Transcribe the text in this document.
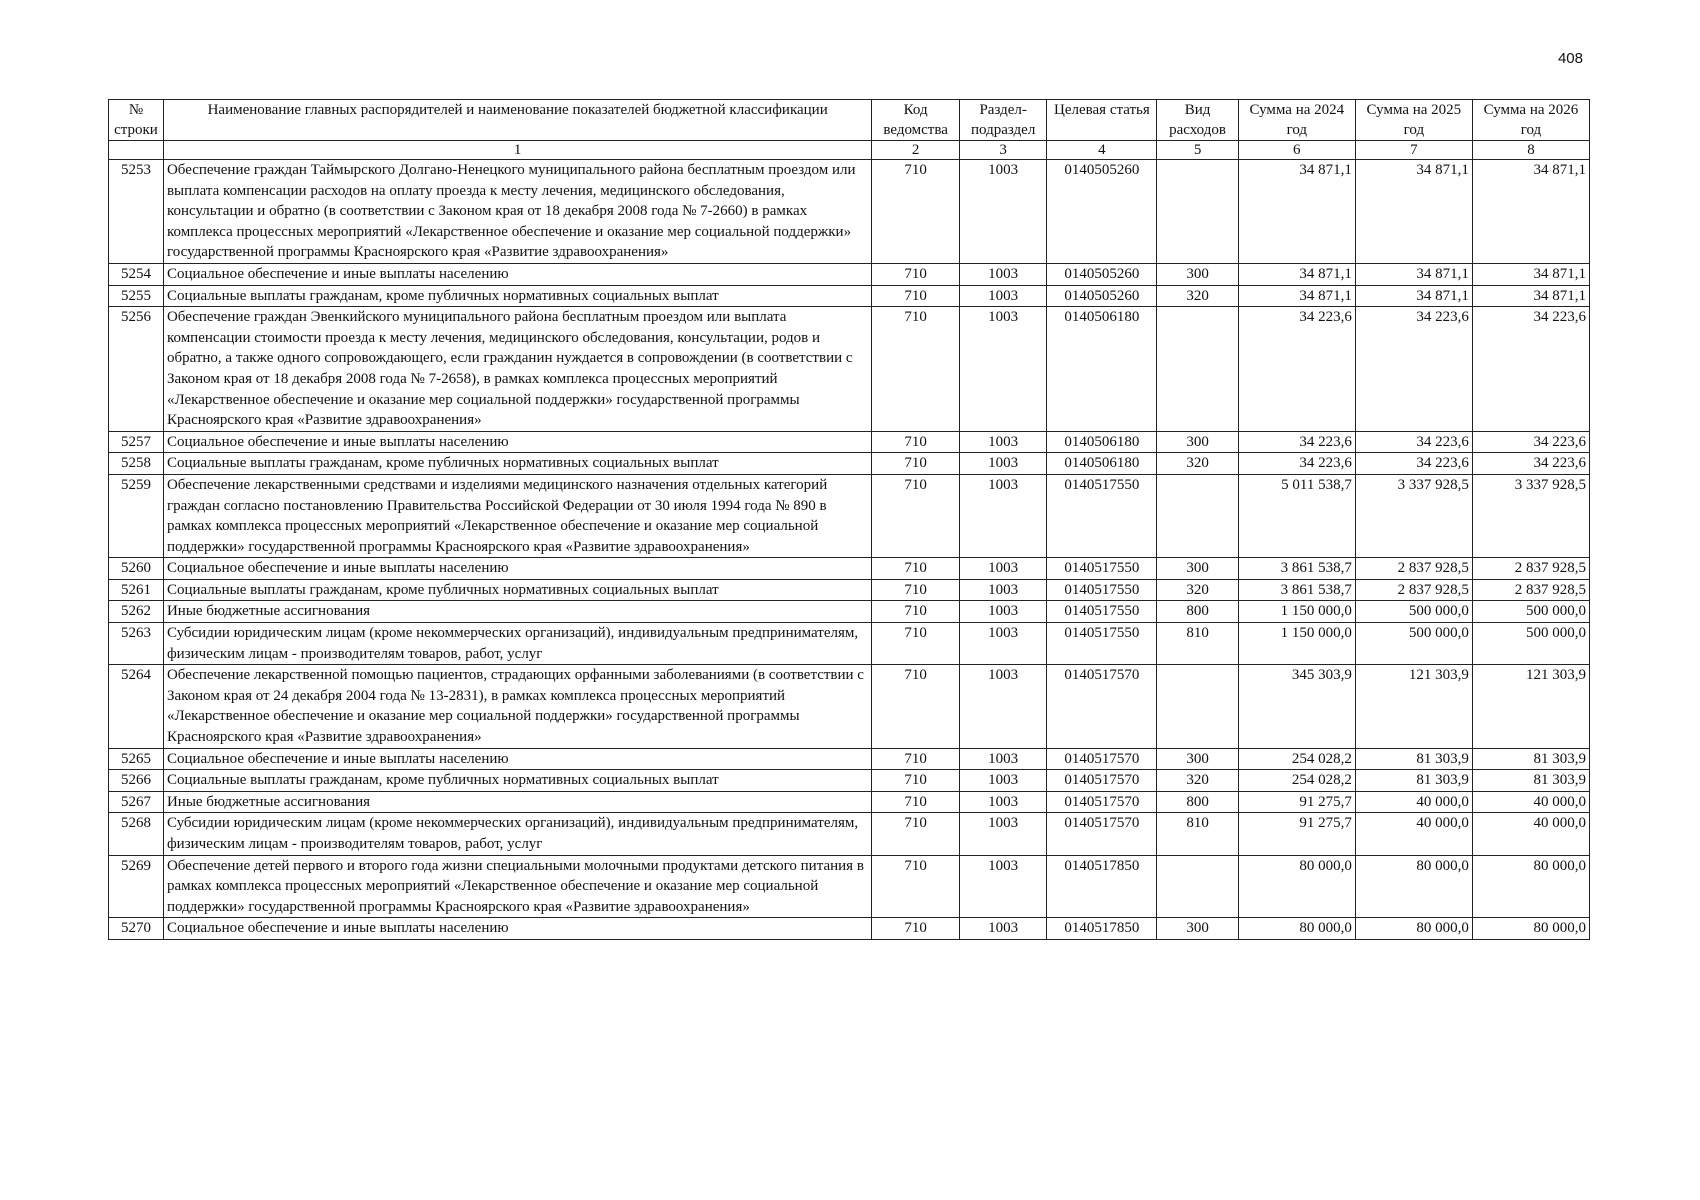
408
№ строки	Наименование главных распорядителей и наименование показателей бюджетной классификации	Код ведомства	Раздел-подраздел	Целевая статья	Вид расходов	Сумма на 2024 год	Сумма на 2025 год	Сумма на 2026 год
	1	2	3	4	5	6	7	8
5253	Обеспечение граждан Таймырского Долгано-Ненецкого муниципального района бесплатным проездом или выплата компенсации расходов на оплату проезда к месту лечения, медицинского обследования, консультации и обратно (в соответствии с Законом края от 18 декабря 2008 года № 7-2660) в рамках комплекса процессных мероприятий «Лекарственное обеспечение и оказание мер социальной поддержки» государственной программы Красноярского края «Развитие здравоохранения»	710	1003	0140505260		34 871,1	34 871,1	34 871,1
5254	Социальное обеспечение и иные выплаты населению	710	1003	0140505260	300	34 871,1	34 871,1	34 871,1
5255	Социальные выплаты гражданам, кроме публичных нормативных социальных выплат	710	1003	0140505260	320	34 871,1	34 871,1	34 871,1
5256	Обеспечение граждан Эвенкийского муниципального района бесплатным проездом или выплата компенсации стоимости проезда к месту лечения, медицинского обследования, консультации, родов и обратно, а также одного сопровождающего, если гражданин нуждается в сопровождении (в соответствии с Законом края от 18 декабря 2008 года № 7-2658), в рамках комплекса процессных мероприятий «Лекарственное обеспечение и оказание мер социальной поддержки» государственной программы Красноярского края «Развитие здравоохранения»	710	1003	0140506180		34 223,6	34 223,6	34 223,6
5257	Социальное обеспечение и иные выплаты населению	710	1003	0140506180	300	34 223,6	34 223,6	34 223,6
5258	Социальные выплаты гражданам, кроме публичных нормативных социальных выплат	710	1003	0140506180	320	34 223,6	34 223,6	34 223,6
5259	Обеспечение лекарственными средствами и изделиями медицинского назначения отдельных категорий граждан согласно постановлению Правительства Российской Федерации от 30 июля 1994 года № 890 в рамках комплекса процессных мероприятий «Лекарственное обеспечение и оказание мер социальной поддержки» государственной программы Красноярского края «Развитие здравоохранения»	710	1003	0140517550		5 011 538,7	3 337 928,5	3 337 928,5
5260	Социальное обеспечение и иные выплаты населению	710	1003	0140517550	300	3 861 538,7	2 837 928,5	2 837 928,5
5261	Социальные выплаты гражданам, кроме публичных нормативных социальных выплат	710	1003	0140517550	320	3 861 538,7	2 837 928,5	2 837 928,5
5262	Иные бюджетные ассигнования	710	1003	0140517550	800	1 150 000,0	500 000,0	500 000,0
5263	Субсидии юридическим лицам (кроме некоммерческих организаций), индивидуальным предпринимателям, физическим лицам - производителям товаров, работ, услуг	710	1003	0140517550	810	1 150 000,0	500 000,0	500 000,0
5264	Обеспечение лекарственной помощью пациентов, страдающих орфанными заболеваниями (в соответствии с Законом края от 24 декабря 2004 года № 13-2831), в рамках комплекса процессных мероприятий «Лекарственное обеспечение и оказание мер социальной поддержки» государственной программы Красноярского края «Развитие здравоохранения»	710	1003	0140517570		345 303,9	121 303,9	121 303,9
5265	Социальное обеспечение и иные выплаты населению	710	1003	0140517570	300	254 028,2	81 303,9	81 303,9
5266	Социальные выплаты гражданам, кроме публичных нормативных социальных выплат	710	1003	0140517570	320	254 028,2	81 303,9	81 303,9
5267	Иные бюджетные ассигнования	710	1003	0140517570	800	91 275,7	40 000,0	40 000,0
5268	Субсидии юридическим лицам (кроме некоммерческих организаций), индивидуальным предпринимателям, физическим лицам - производителям товаров, работ, услуг	710	1003	0140517570	810	91 275,7	40 000,0	40 000,0
5269	Обеспечение детей первого и второго года жизни специальными молочными продуктами детского питания в рамках комплекса процессных мероприятий «Лекарственное обеспечение и оказание мер социальной поддержки» государственной программы Красноярского края «Развитие здравоохранения»	710	1003	0140517850		80 000,0	80 000,0	80 000,0
5270	Социальное обеспечение и иные выплаты населению	710	1003	0140517850	300	80 000,0	80 000,0	80 000,0
